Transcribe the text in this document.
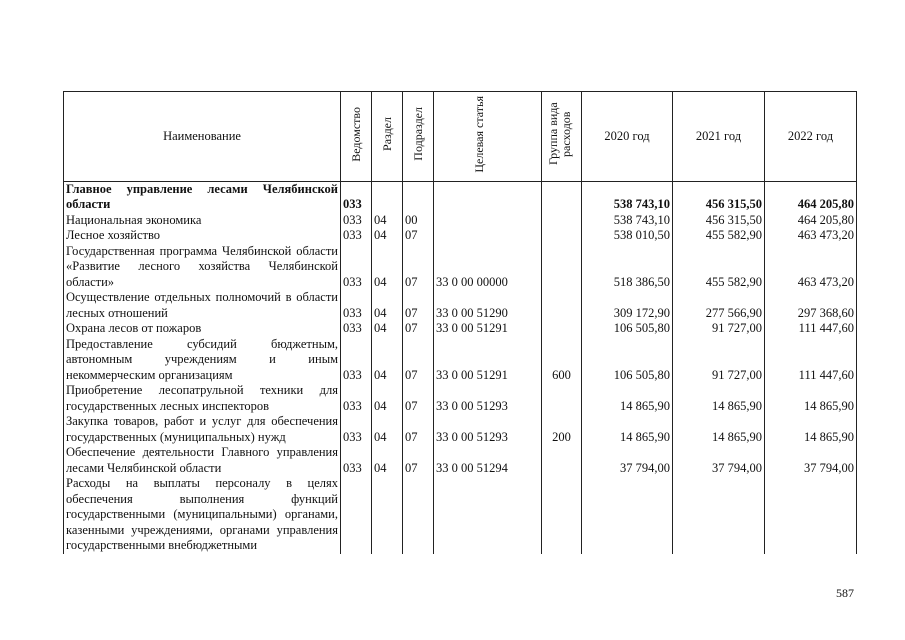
Наименование	Ведомство	Раздел	Подраздел	Целевая статья	Группа вида расходов	2020 год	2021 год	2022 год
Главное управление лесами Челябинской области	033					538 743,10	456 315,50	464 205,80
Национальная экономика	033	04	00			538 743,10	456 315,50	464 205,80
Лесное хозяйство	033	04	07			538 010,50	455 582,90	463 473,20
Государственная программа Челябинской области «Развитие лесного хозяйства Челябинской области»	033	04	07	33 0 00 00000		518 386,50	455 582,90	463 473,20
Осуществление отдельных полномочий в области лесных отношений	033	04	07	33 0 00 51290		309 172,90	277 566,90	297 368,60
Охрана лесов от пожаров	033	04	07	33 0 00 51291		106 505,80	91 727,00	111 447,60
Предоставление субсидий бюджетным, автономным учреждениям и иным некоммерческим организациям	033	04	07	33 0 00 51291	600	106 505,80	91 727,00	111 447,60
Приобретение лесопатрульной техники для государственных лесных инспекторов	033	04	07	33 0 00 51293		14 865,90	14 865,90	14 865,90
Закупка товаров, работ и услуг для обеспечения государственных (муниципальных) нужд	033	04	07	33 0 00 51293	200	14 865,90	14 865,90	14 865,90
Обеспечение деятельности Главного управления лесами Челябинской области	033	04	07	33 0 00 51294		37 794,00	37 794,00	37 794,00
Расходы на выплаты персоналу в целях обеспечения выполнения функций государственными (муниципальными) органами, казенными учреждениями, органами управления государственными внебюджетными								
587
